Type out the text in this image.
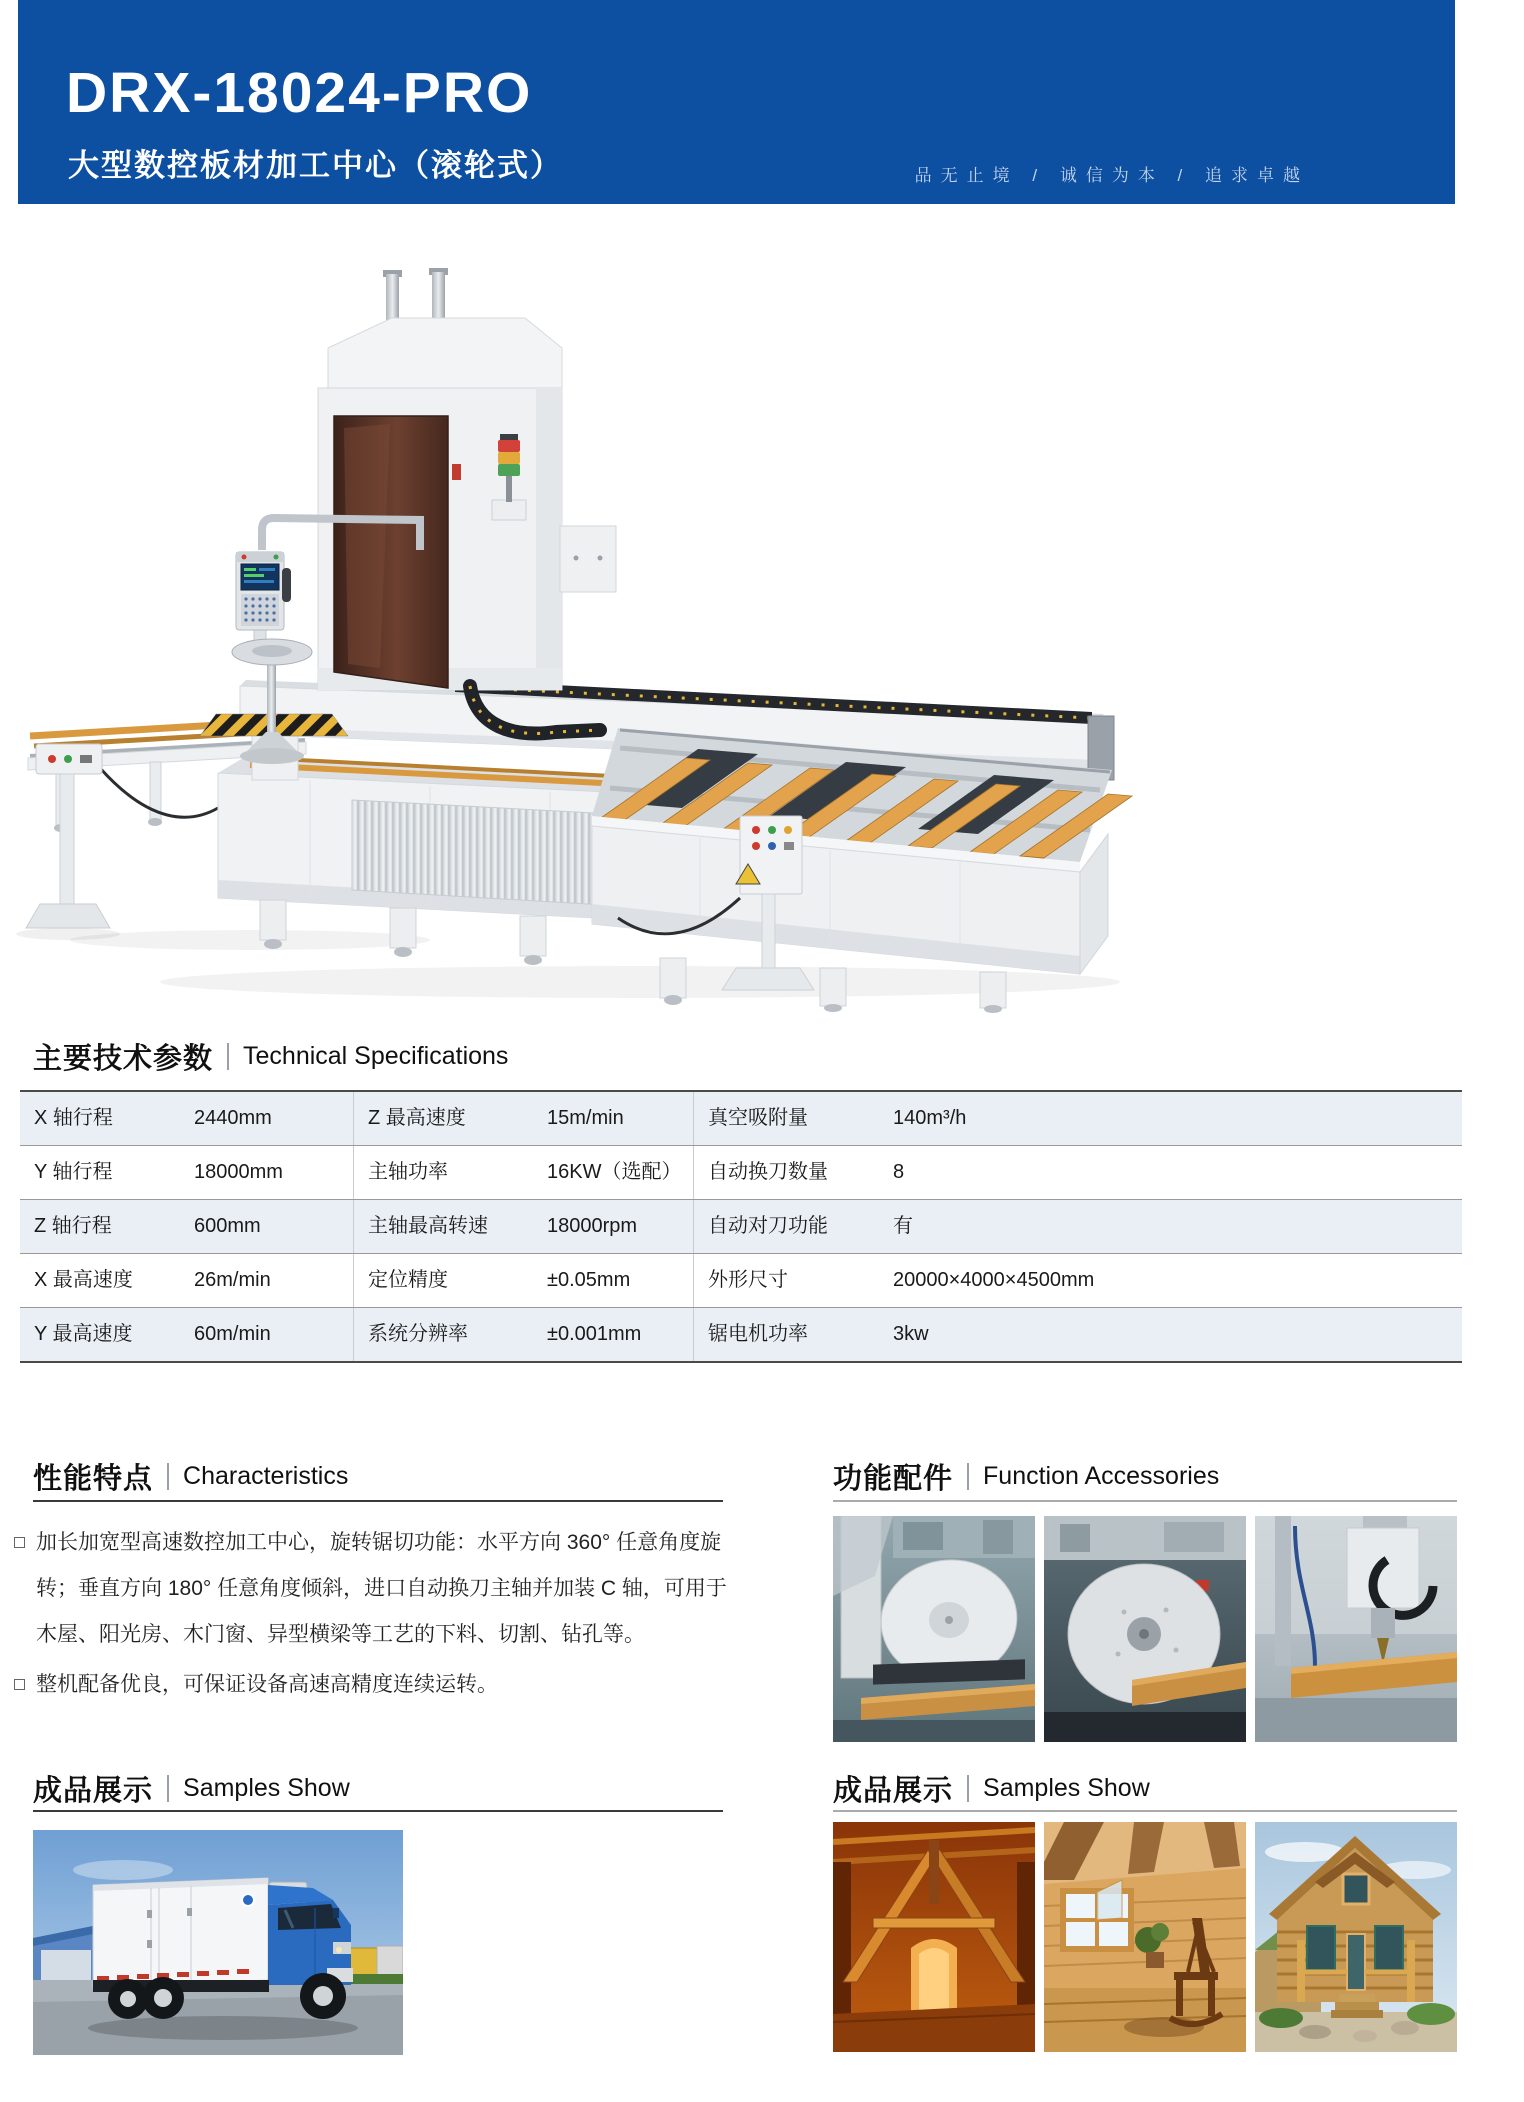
DRX-18024-PRO
大型数控板材加工中心（滚轮式）	品无止境 / 诚信为本 / 追求卓越
主要技术参数 Technical Specifications
X 轴行程	2440mm	Z 最高速度	15m/min	真空吸附量	140m³/h
Y 轴行程	18000mm	主轴功率	16KW（选配）	自动换刀数量	8
Z 轴行程	600mm	主轴最高转速	18000rpm	自动对刀功能	有
X 最高速度	26m/min	定位精度	±0.05mm	外形尺寸	20000×4000×4500mm
Y 最高速度	60m/min	系统分辨率	±0.001mm	锯电机功率	3kw
性能特点 Characteristics
加长加宽型高速数控加工中心，旋转锯切功能：水平方向 360° 任意角度旋转；垂直方向 180° 任意角度倾斜，进口自动换刀主轴并加装 C 轴，可用于木屋、阳光房、木门窗、异型横梁等工艺的下料、切割、钻孔等。
整机配备优良，可保证设备高速高精度连续运转。
功能配件 Function Accessories
成品展示 Samples Show	成品展示 Samples Show
